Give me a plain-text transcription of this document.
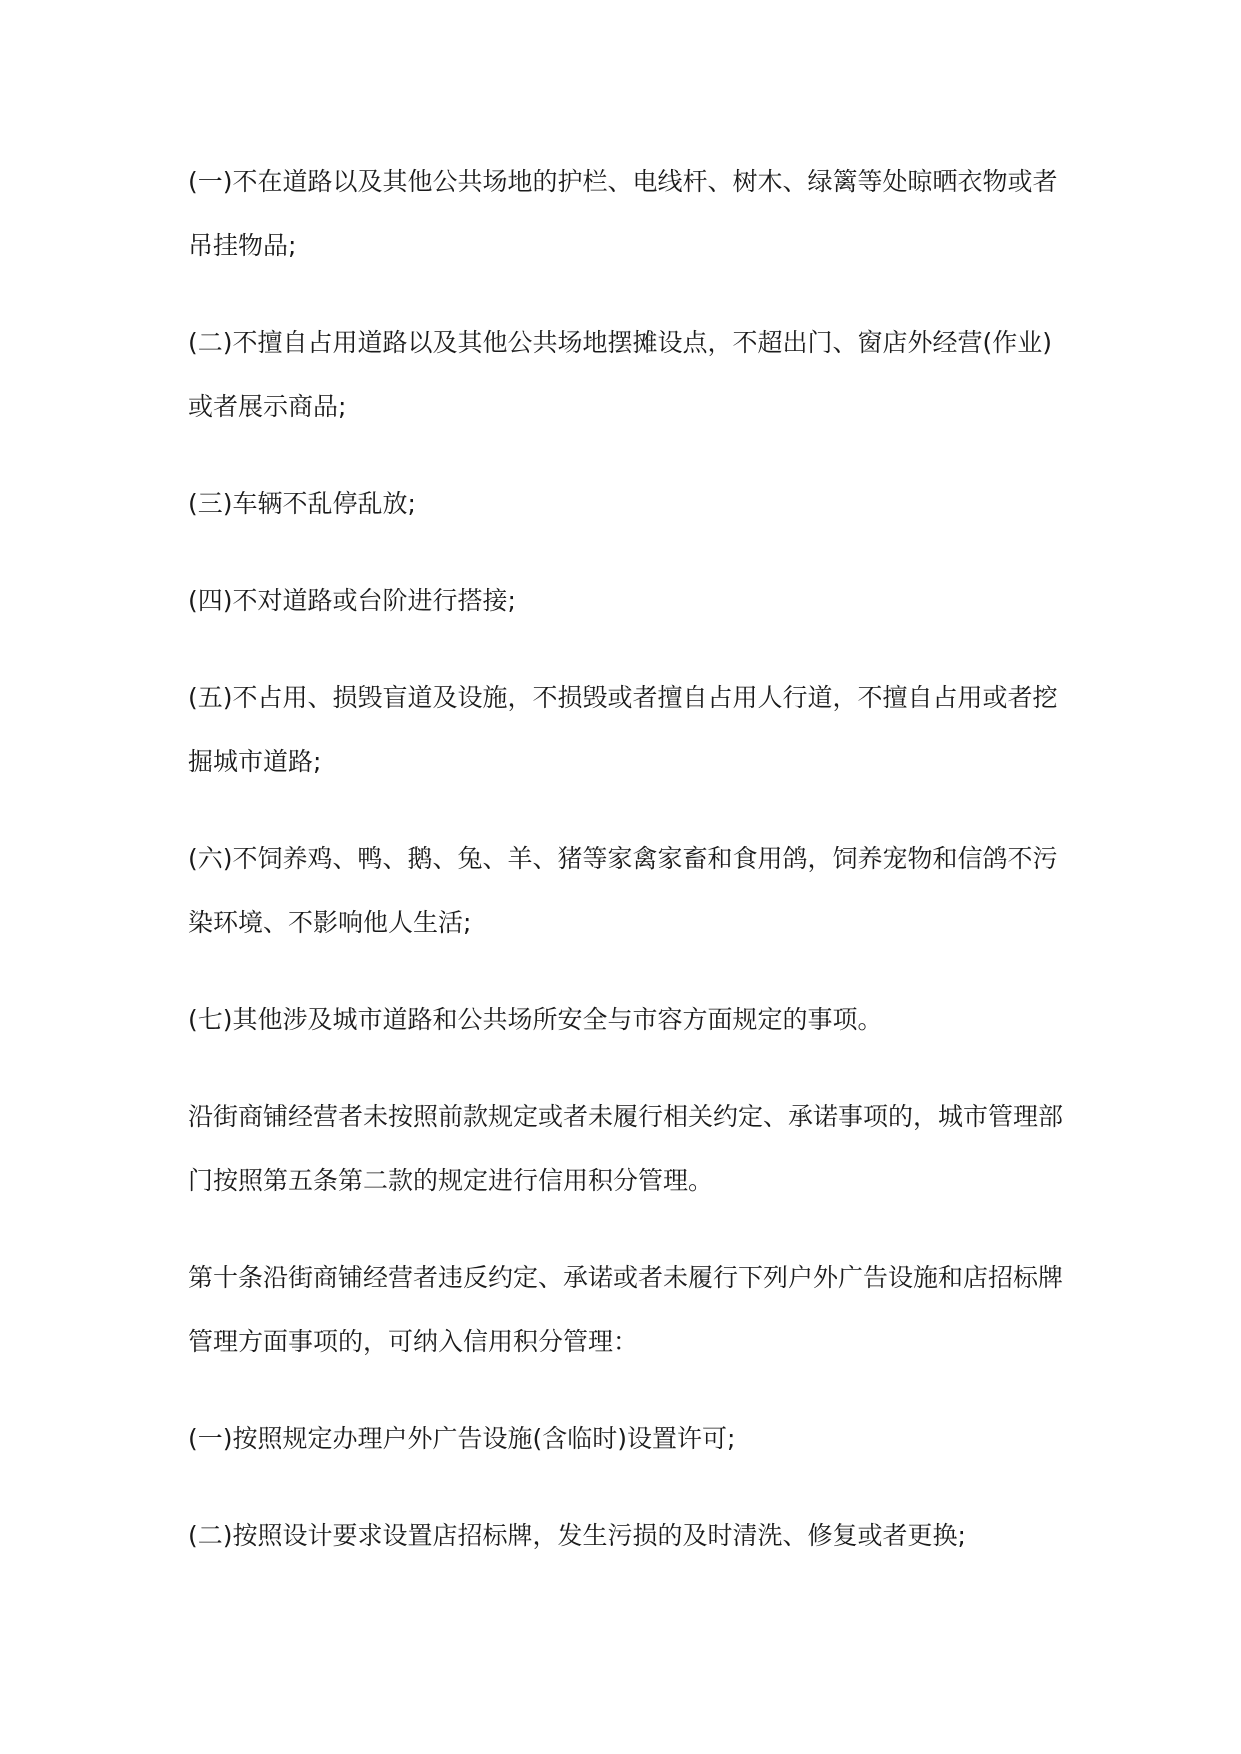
(一)不在道路以及其他公共场地的护栏、电线杆、树木、绿篱等处晾晒衣物或者吊挂物品;

(二)不擅自占用道路以及其他公共场地摆摊设点，不超出门、窗店外经营(作业)或者展示商品;

(三)车辆不乱停乱放;

(四)不对道路或台阶进行搭接;

(五)不占用、损毁盲道及设施，不损毁或者擅自占用人行道，不擅自占用或者挖掘城市道路;

(六)不饲养鸡、鸭、鹅、兔、羊、猪等家禽家畜和食用鸽，饲养宠物和信鸽不污染环境、不影响他人生活;

(七)其他涉及城市道路和公共场所安全与市容方面规定的事项。

沿街商铺经营者未按照前款规定或者未履行相关约定、承诺事项的，城市管理部门按照第五条第二款的规定进行信用积分管理。

第十条沿街商铺经营者违反约定、承诺或者未履行下列户外广告设施和店招标牌管理方面事项的，可纳入信用积分管理：

(一)按照规定办理户外广告设施(含临时)设置许可;

(二)按照设计要求设置店招标牌，发生污损的及时清洗、修复或者更换;
